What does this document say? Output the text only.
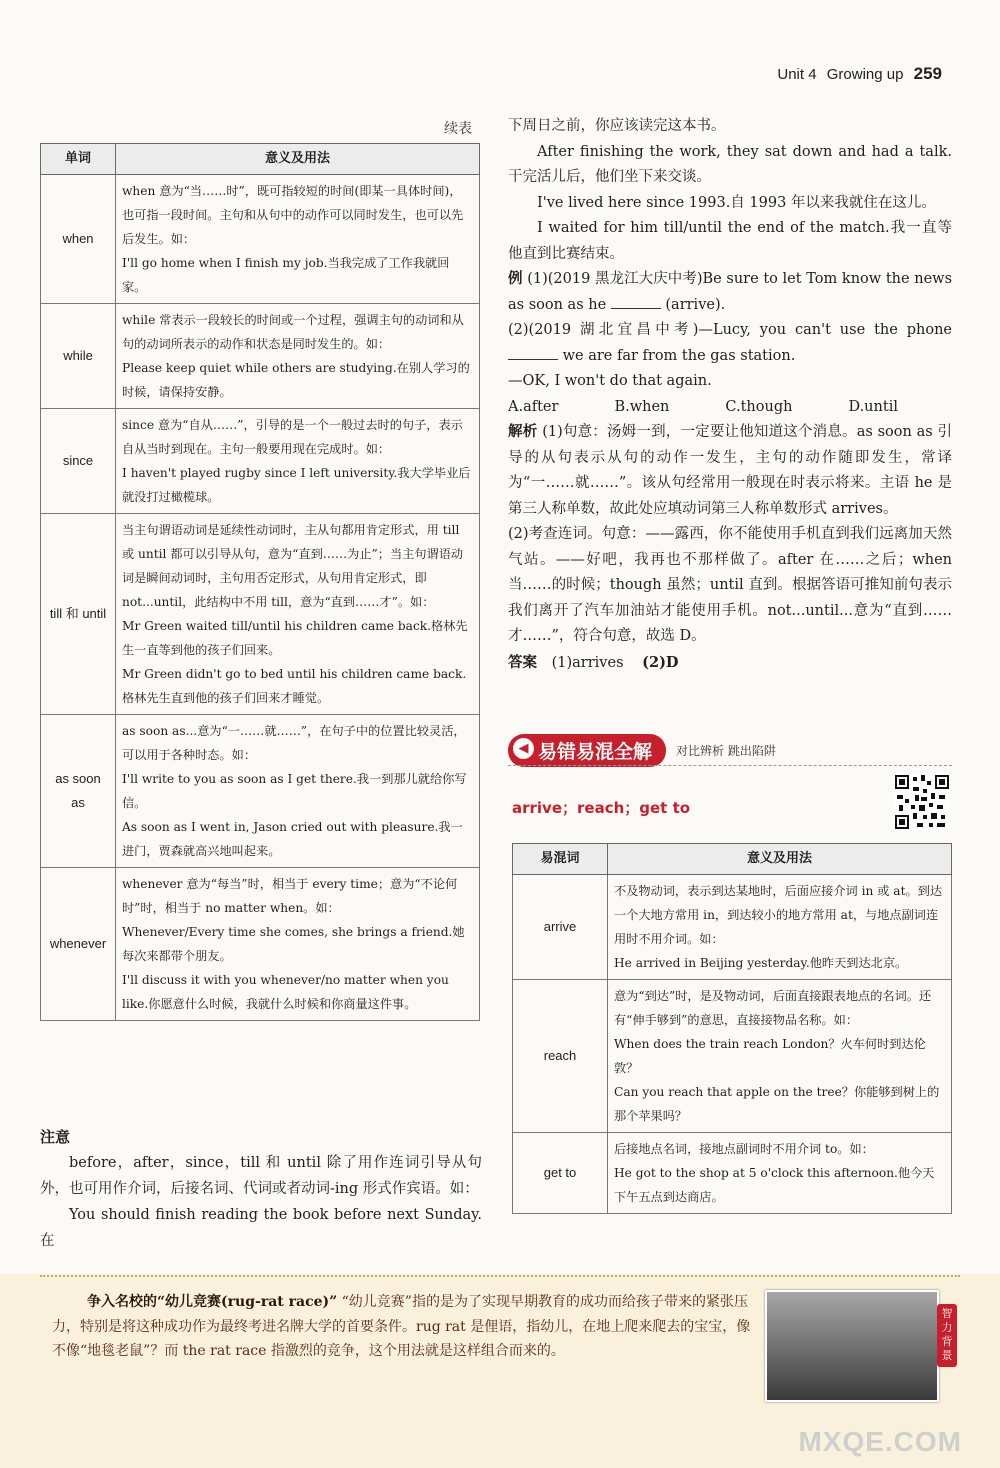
Unit 4 Growing up 259
续表
单词	意义及用法
when	when 意为“当……时”，既可指较短的时间(即某一具体时间)，也可指一段时间。主句和从句中的动作可以同时发生，也可以先后发生。如：

I'll go home when I finish my job.当我完成了工作我就回家。

while	while 常表示一段较长的时间或一个过程，强调主句的动词和从句的动词所表示的动作和状态是同时发生的。如：

Please keep quiet while others are studying.在别人学习的时候，请保持安静。

since	since 意为“自从……”，引导的是一个一般过去时的句子，表示自从当时到现在。主句一般要用现在完成时。如：

I haven't played rugby since I left university.我大学毕业后就没打过橄榄球。

till 和 until	当主句谓语动词是延续性动词时，主从句都用肯定形式，用 till 或 until 都可以引导从句，意为“直到……为止”；当主句谓语动词是瞬间动词时，主句用否定形式，从句用肯定形式，即 not...until，此结构中不用 till，意为“直到……才”。如：

Mr Green waited till/until his children came back.格林先生一直等到他的孩子们回来。

Mr Green didn't go to bed until his children came back.格林先生直到他的孩子们回来才睡觉。

as soon as	as soon as...意为“一……就……”，在句子中的位置比较灵活，可以用于各种时态。如：

I'll write to you as soon as I get there.我一到那儿就给你写信。

As soon as I went in, Jason cried out with pleasure.我一进门，贾森就高兴地叫起来。

whenever	whenever 意为“每当”时，相当于 every time；意为“不论何时”时，相当于 no matter when。如：

Whenever/Every time she comes, she brings a friend.她每次来都带个朋友。

I'll discuss it with you whenever/no matter when you like.你愿意什么时候，我就什么时候和你商量这件事。

注意

before，after，since，till 和 until 除了用作连词引导从句外，也可用作介词，后接名词、代词或者动词-ing 形式作宾语。如：

You should finish reading the book before next Sunday.在

下周日之前，你应该读完这本书。

After finishing the work, they sat down and had a talk.干完活儿后，他们坐下来交谈。

I've lived here since 1993.自 1993 年以来我就住在这儿。

I waited for him till/until the end of the match.我一直等他直到比赛结束。

例 (1)(2019 黑龙江大庆中考)Be sure to let Tom know the news as soon as he	(arrive).

(2)(2019 湖北宜昌中考)—Lucy, you can't use the phone  we are far from the gas station.

—OK, I won't do that again.

A.after	B.when	C.though	D.until

解析 (1)句意：汤姆一到，一定要让他知道这个消息。as soon as 引导的从句表示从句的动作一发生，主句的动作随即发生，常译为“一……就……”。该从句经常用一般现在时表示将来。主语 he 是第三人称单数，故此处应填动词第三人称单数形式 arrives。

(2)考查连词。句意：——露西，你不能使用手机直到我们远离加天然气站。——好吧，我再也不那样做了。after 在……之后；when 当……的时候；though 虽然；until 直到。根据答语可推知前句表示我们离开了汽车加油站才能使用手机。not...until...意为“直到……才……”，符合句意，故选 D。

答案 (1)arrives (2)D

◀ 易错易混全解	对比辨析 跳出陷阱
arrive；reach；get to
易混词	意义及用法
arrive	不及物动词，表示到达某地时，后面应接介词 in 或 at。到达一个大地方常用 in，到达较小的地方常用 at，与地点副词连用时不用介词。如：

He arrived in Beijing yesterday.他昨天到达北京。

reach	意为“到达”时，是及物动词，后面直接跟表地点的名词。还有“伸手够到”的意思，直接接物品名称。如：

When does the train reach London？火车何时到达伦敦？

Can you reach that apple on the tree？你能够到树上的那个苹果吗？

get to	后接地点名词，接地点副词时不用介词 to。如：

He got to the shop at 5 o'clock this afternoon.他今天下午五点到达商店。

争入名校的“幼儿竞赛(rug-rat race)” “幼儿竞赛”指的是为了实现早期教育的成功而给孩子带来的紧张压力，特别是将这种成功作为最终考进名牌大学的首要条件。rug rat 是俚语，指幼儿，在地上爬来爬去的宝宝，像不像“地毯老鼠”？而 the rat race 指激烈的竞争，这个用法就是这样组合而来的。
智力背景
MXQE.COM
